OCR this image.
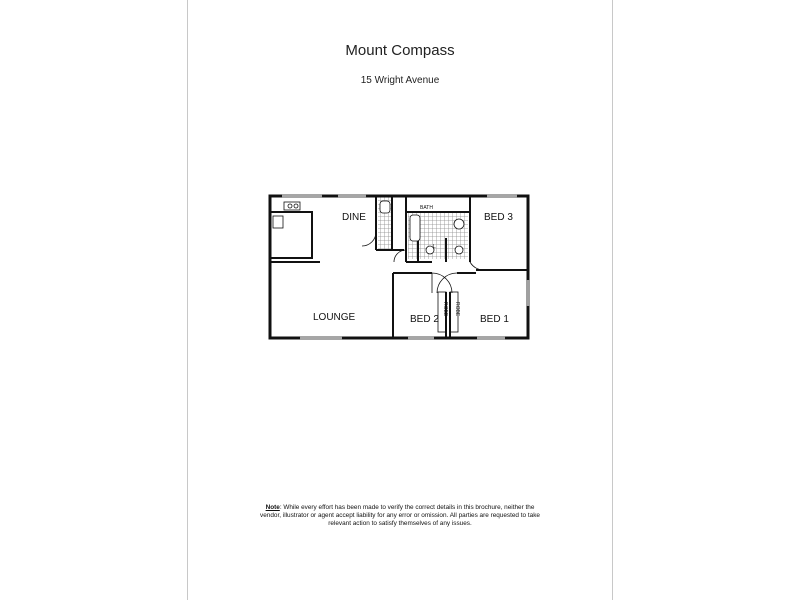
Mount Compass
15 Wright Avenue
DINE
LOUNGE
BATH
BED 3
BED 2	BED 1
L
ROBE ROBE
Note: While every effort has been made to verify the correct details in this brochure, neither the vendor, illustrator or agent accept liability for any error or omission. All parties are requested to take relevant action to satisfy themselves of any issues.
